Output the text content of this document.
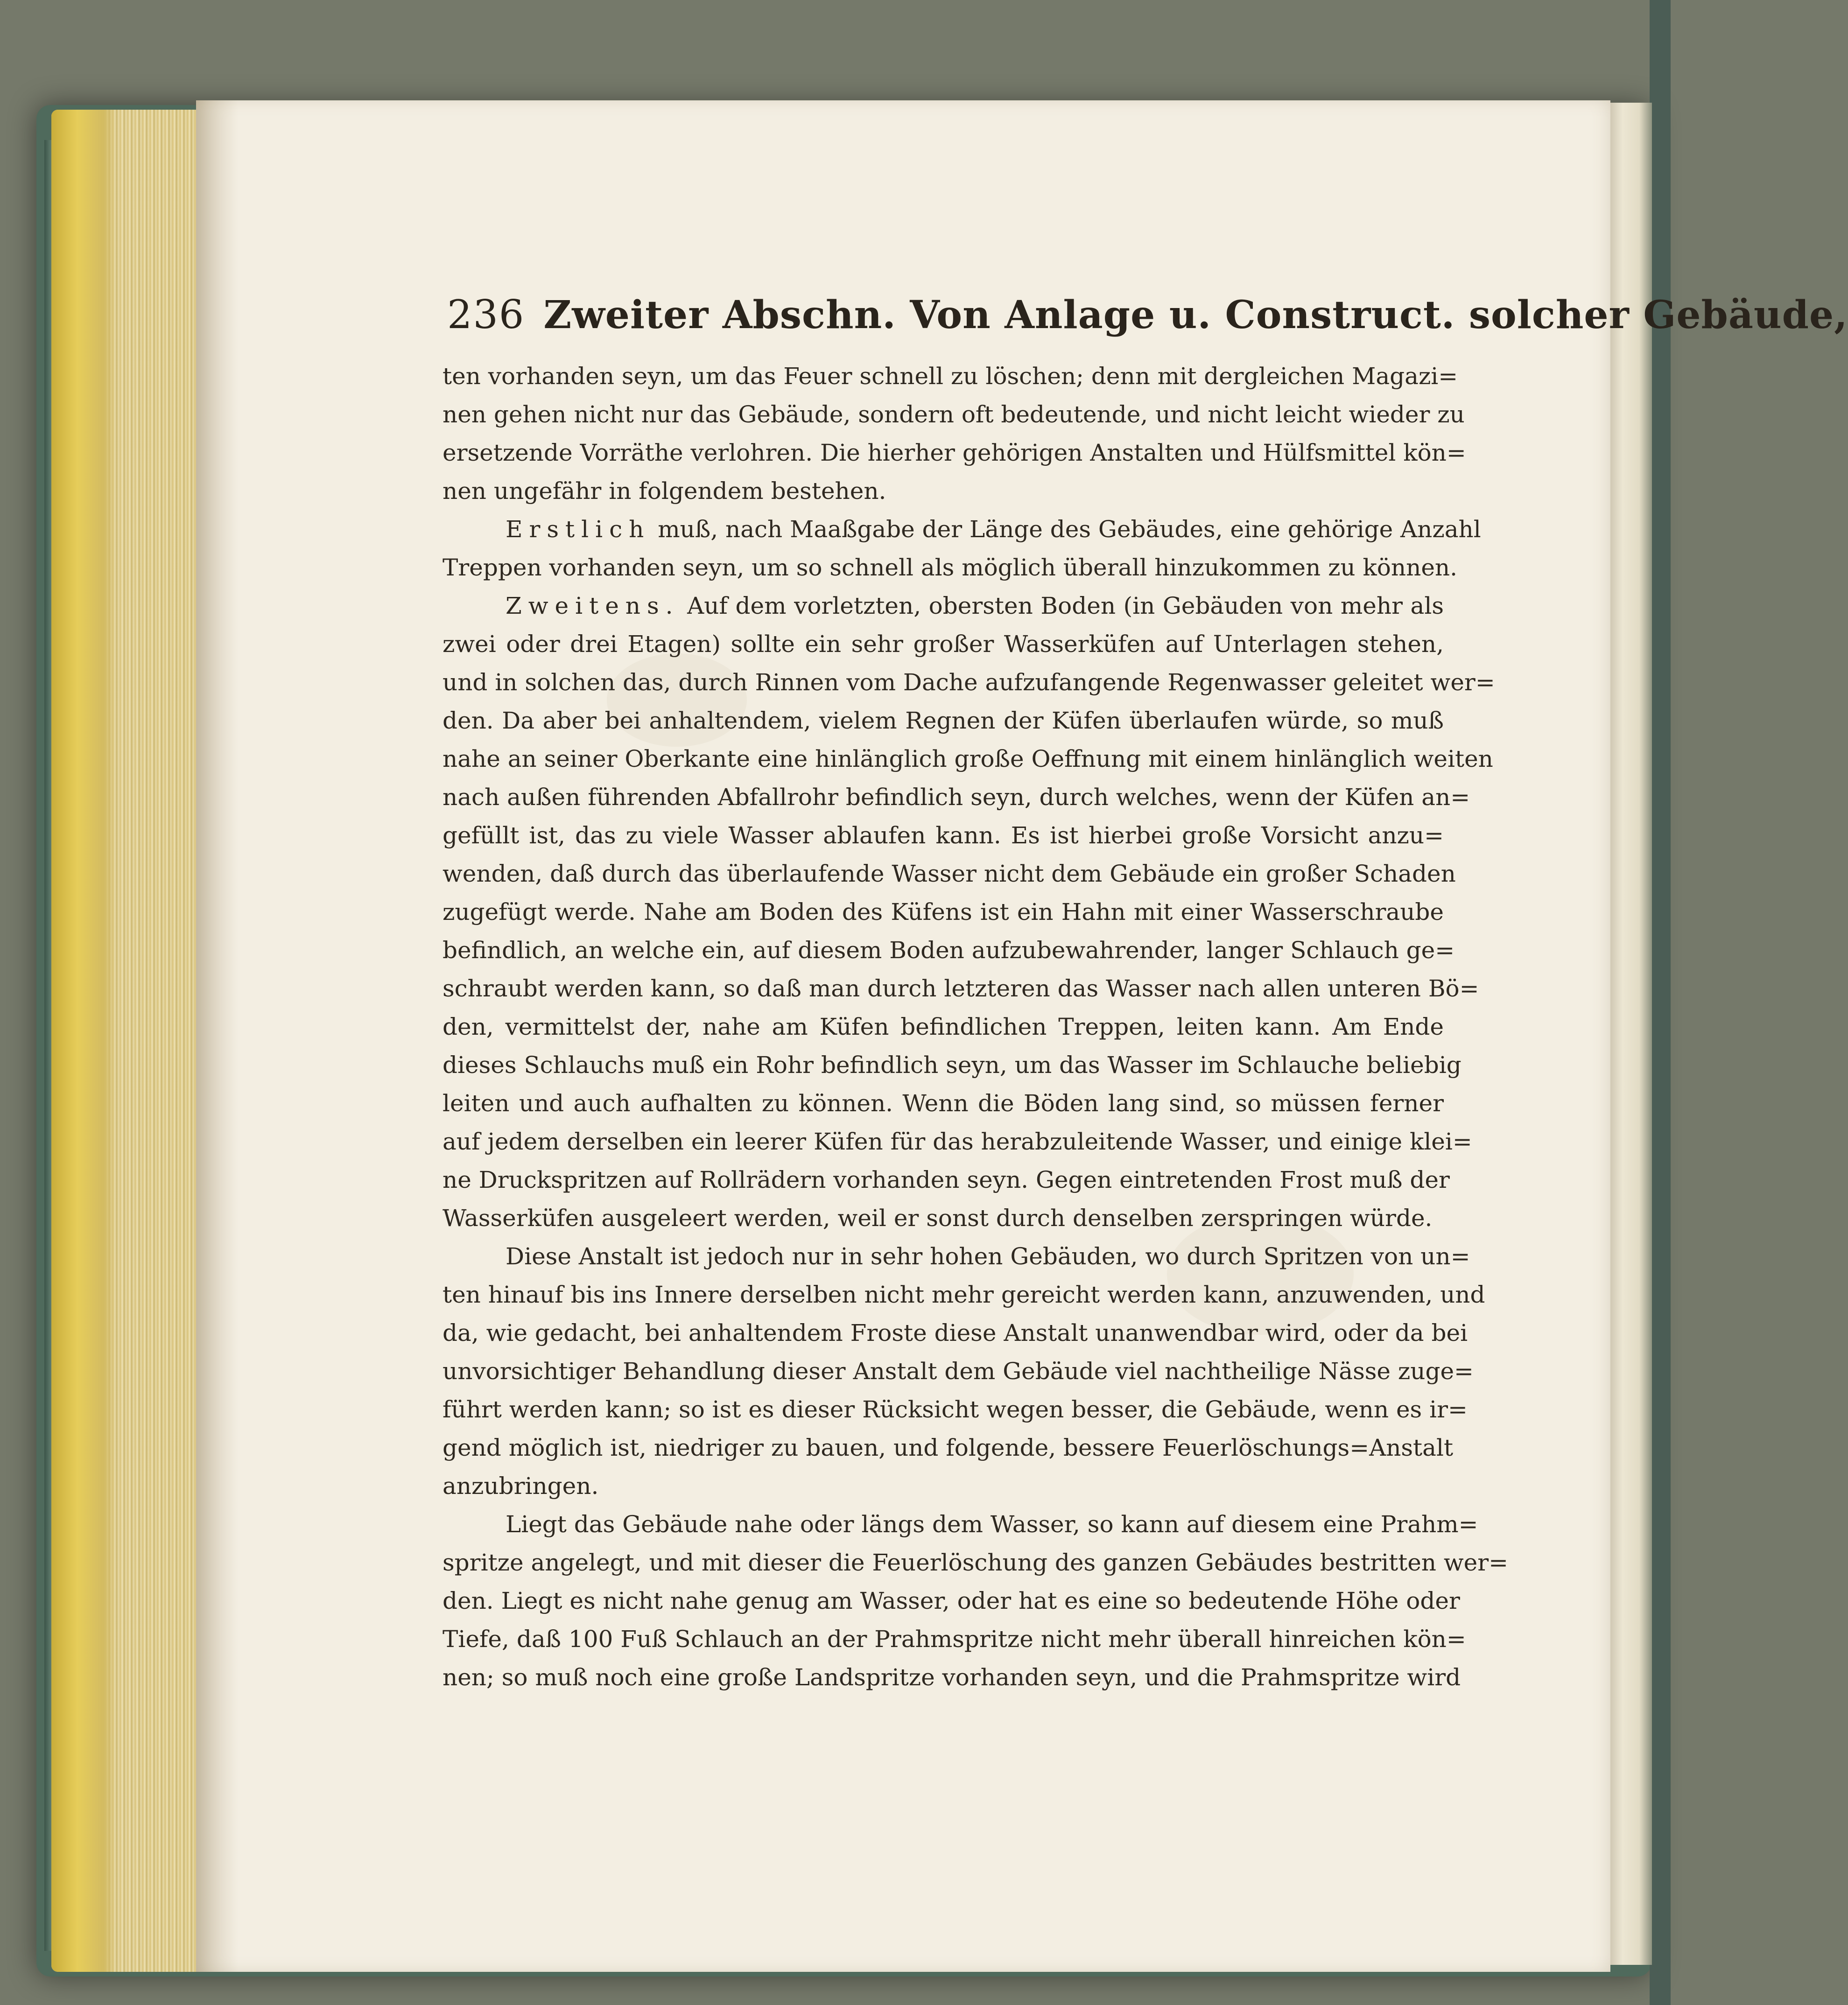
236 Zweiter Abschn. Von Anlage u. Construct. solcher Gebäude,
ten vorhanden seyn, um das Feuer schnell zu löschen; denn mit dergleichen Magazi=
nen gehen nicht nur das Gebäude, sondern oft bedeutende, und nicht leicht wieder zu
ersetzende Vorräthe verlohren. Die hierher gehörigen Anstalten und Hülfsmittel kön=
nen ungefähr in folgendem bestehen.
Erstlich muß, nach Maaßgabe der Länge des Gebäudes, eine gehörige Anzahl
Treppen vorhanden seyn, um so schnell als möglich überall hinzukommen zu können.
Zweitens. Auf dem vorletzten, obersten Boden (in Gebäuden von mehr als
zwei oder drei Etagen) sollte ein sehr großer Wasserküfen auf Unterlagen stehen,
und in solchen das, durch Rinnen vom Dache aufzufangende Regenwasser geleitet wer=
den. Da aber bei anhaltendem, vielem Regnen der Küfen überlaufen würde, so muß
nahe an seiner Oberkante eine hinlänglich große Oeffnung mit einem hinlänglich weiten
nach außen führenden Abfallrohr befindlich seyn, durch welches, wenn der Küfen an=
gefüllt ist, das zu viele Wasser ablaufen kann. Es ist hierbei große Vorsicht anzu=
wenden, daß durch das überlaufende Wasser nicht dem Gebäude ein großer Schaden
zugefügt werde. Nahe am Boden des Küfens ist ein Hahn mit einer Wasserschraube
befindlich, an welche ein, auf diesem Boden aufzubewahrender, langer Schlauch ge=
schraubt werden kann, so daß man durch letzteren das Wasser nach allen unteren Bö=
den, vermittelst der, nahe am Küfen befindlichen Treppen, leiten kann. Am Ende
dieses Schlauchs muß ein Rohr befindlich seyn, um das Wasser im Schlauche beliebig
leiten und auch aufhalten zu können. Wenn die Böden lang sind, so müssen ferner
auf jedem derselben ein leerer Küfen für das herabzuleitende Wasser, und einige klei=
ne Druckspritzen auf Rollrädern vorhanden seyn. Gegen eintretenden Frost muß der
Wasserküfen ausgeleert werden, weil er sonst durch denselben zerspringen würde.
Diese Anstalt ist jedoch nur in sehr hohen Gebäuden, wo durch Spritzen von un=
ten hinauf bis ins Innere derselben nicht mehr gereicht werden kann, anzuwenden, und
da, wie gedacht, bei anhaltendem Froste diese Anstalt unanwendbar wird, oder da bei
unvorsichtiger Behandlung dieser Anstalt dem Gebäude viel nachtheilige Nässe zuge=
führt werden kann; so ist es dieser Rücksicht wegen besser, die Gebäude, wenn es ir=
gend möglich ist, niedriger zu bauen, und folgende, bessere Feuerlöschungs=Anstalt
anzubringen.
Liegt das Gebäude nahe oder längs dem Wasser, so kann auf diesem eine Prahm=
spritze angelegt, und mit dieser die Feuerlöschung des ganzen Gebäudes bestritten wer=
den. Liegt es nicht nahe genug am Wasser, oder hat es eine so bedeutende Höhe oder
Tiefe, daß 100 Fuß Schlauch an der Prahmspritze nicht mehr überall hinreichen kön=
nen; so muß noch eine große Landspritze vorhanden seyn, und die Prahmspritze wird
